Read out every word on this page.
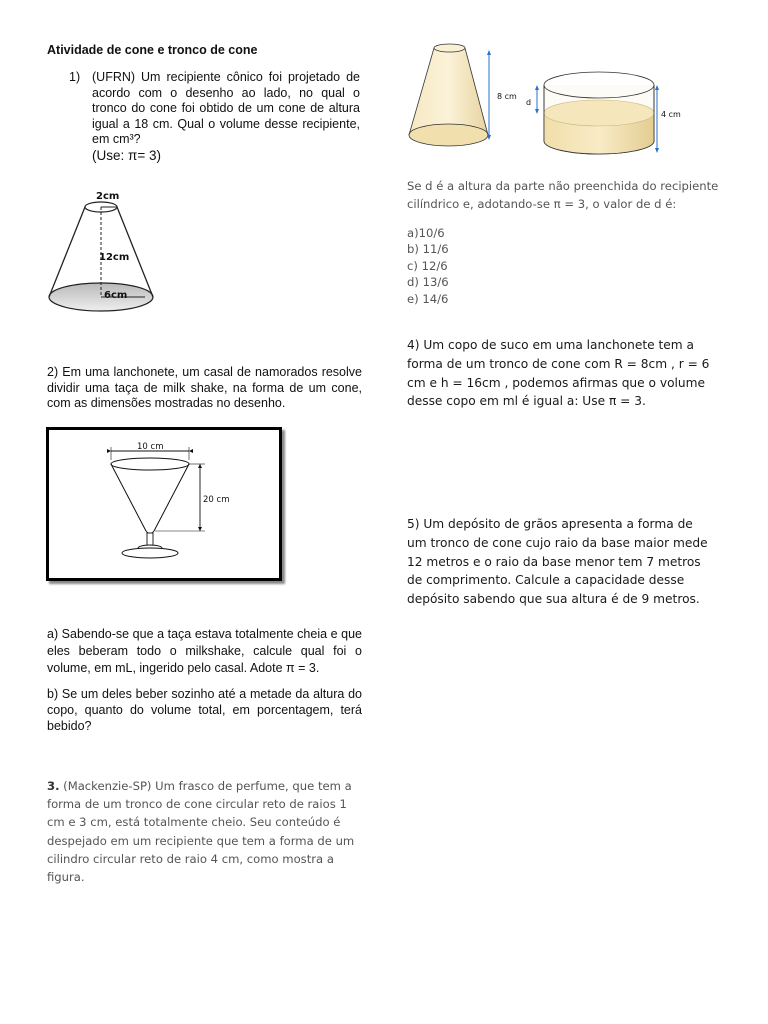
Atividade de cone e tronco de cone
1) (UFRN) Um recipiente cônico foi projetado de acordo com o desenho ao lado, no qual o tronco do cone foi obtido de um cone de altura igual a 18 cm. Qual o volume desse recipiente, em cm³?
(Use: π= 3)
2cm
12cm
6cm
2) Em uma lanchonete, um casal de namorados resolve dividir uma taça de milk shake, na forma de um cone, com as dimensões mostradas no desenho.
10 cm
20 cm
a) Sabendo-se que a taça estava totalmente cheia e que eles beberam todo o milkshake, calcule qual foi o volume, em mL, ingerido pelo casal. Adote π = 3.
b) Se um deles beber sozinho até a metade da altura do copo, quanto do volume total, em porcentagem, terá bebido?
3. (Mackenzie-SP) Um frasco de perfume, que tem a forma de um tronco de cone circular reto de raios 1 cm e 3 cm, está totalmente cheio. Seu conteúdo é despejado em um recipiente que tem a forma de um cilindro circular reto de raio 4 cm, como mostra a figura.
8 cm
d
4 cm
Se d é a altura da parte não preenchida do recipiente cilíndrico e, adotando-se π = 3, o valor de d é:
a)10/6
b) 11/6
c) 12/6
d) 13/6
e) 14/6
4) Um copo de suco em uma lanchonete tem a forma de um tronco de cone com R = 8cm , r = 6 cm e h = 16cm , podemos afirmas que o volume desse copo em ml é igual a: Use π = 3.
5) Um depósito de grãos apresenta a forma de um tronco de cone cujo raio da base maior mede 12 metros e o raio da base menor tem 7 metros de comprimento. Calcule a capacidade desse depósito sabendo que sua altura é de 9 metros.
